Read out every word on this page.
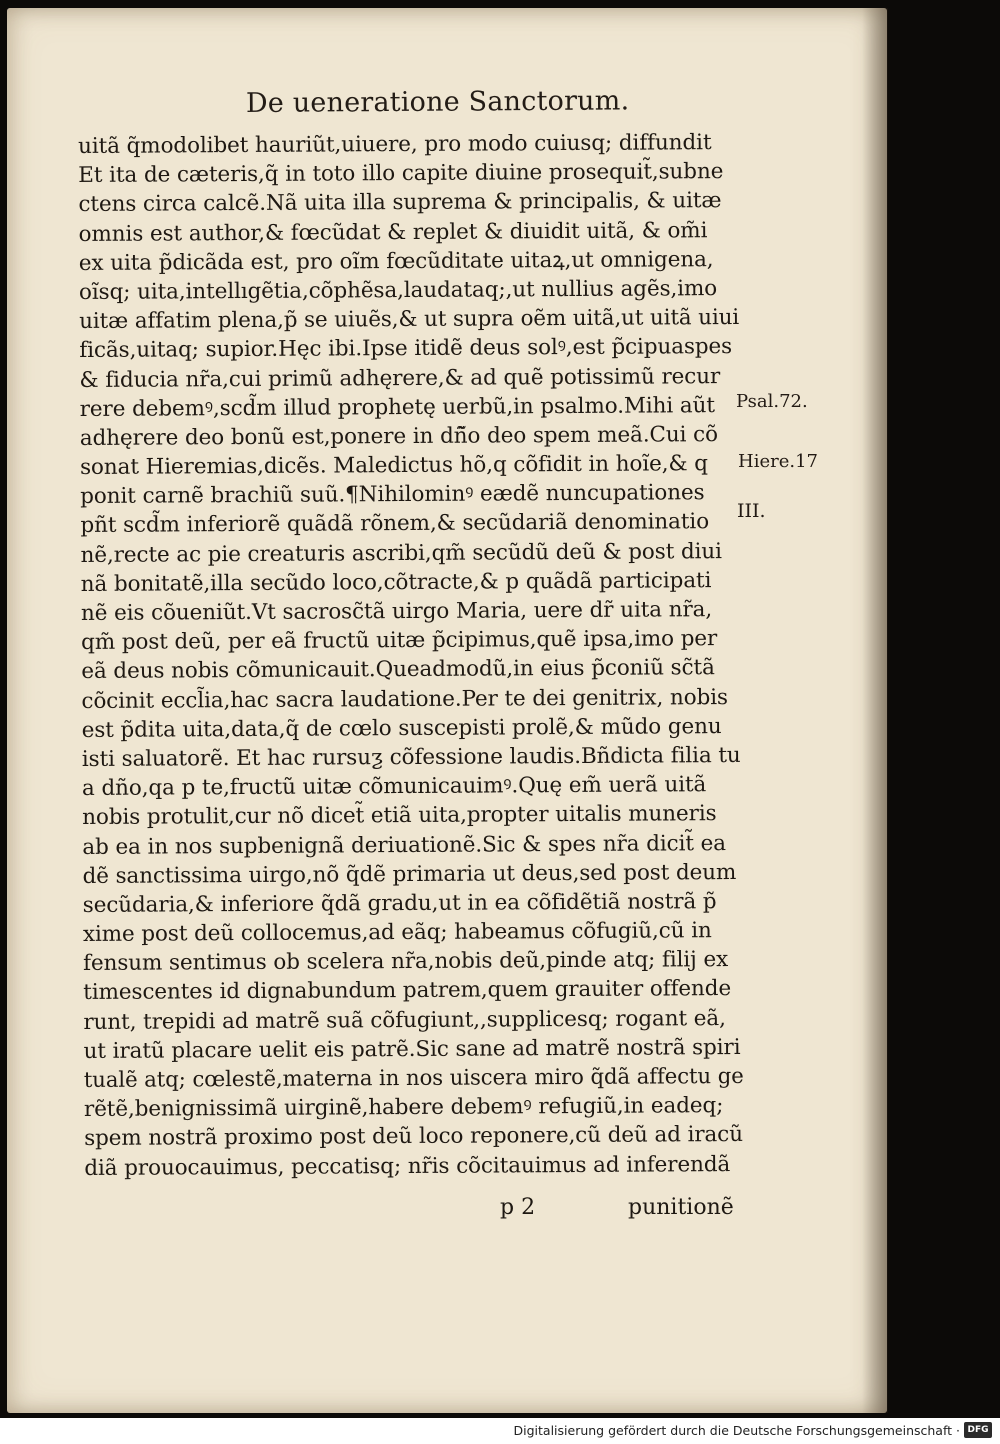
De ueneratione Sanctorum.
uitã q̃modolibet hauriũt,uiuere, pro modo cuiusq; diffundit
Et ita de cæteris,q̃ in toto illo capite diuine prosequit̃,subne
ctens circa calcẽ.Nã uita illa suprema & principalis, & uitæ
omnis est author,& fœcũdat & replet & diuidit uitã, & om̃i
ex uita p̃dicãda est, pro oĩm fœcũditate uitaꝝ,ut omnigena,
oĩsq; uita,intellıgẽtia,cõphẽsa,laudataq;,ut nullius agẽs,imo
uitæ affatim plena,p̃ se uiuẽs,& ut supra oẽm uitã,ut uitã uiui
ficãs,uitaq; supior.Hęc ibi.Ipse itidẽ deus solꝰ,est p̃cipuaspes
& fiducia nr̃a,cui primũ adhęrere,& ad quẽ potissimũ recur
rere debemꝰ,scd̃m illud prophetę uerbũ,in psalmo.Mihi aũt
adhęrere deo bonũ est,ponere in dñ̃o deo spem meã.Cui cõ
sonat Hieremias,dicẽs. Maledictus hõ,q cõfidit in hoĩe,& q
ponit carnẽ brachiũ suũ.¶Nihilominꝰ eædẽ nuncupationes
pñt scd̃m inferiorẽ quãdã rõnem,& secũdariã denominatio
nẽ,recte ac pie creaturis ascribi,qm̃ secũdũ deũ & post diui
nã bonitatẽ,illa secũdo loco,cõtracte,& p quãdã participati
nẽ eis cõueniũt.Vt sacrosc̃tã uirgo Maria, uere dr̃ uita nr̃a,
qm̃ post deũ, per eã fructũ uitæ p̃cipimus,quẽ ipsa,imo per
eã deus nobis cõmunicauit.Queadmodũ,in eius p̃coniũ sc̃tã
cõcinit eccl̃ia,hac sacra laudatione.Per te dei genitrix, nobis
est p̃dita uita,data,q̃ de cœlo suscepisti prolẽ,& mũdo genu
isti saluatorẽ. Et hac rursuƺ cõfessione laudis.Bñdicta filia tu
a dño,qa p te,fructũ uitæ cõmunicauimꝰ.Quę em̃ uerã uitã
nobis protulit,cur nõ dicet̃ etiã uita,propter uitalis muneris
ab ea in nos supbenignã deriuationẽ.Sic & spes nr̃a dicit̃ ea
dẽ sanctissima uirgo,nõ q̃dẽ primaria ut deus,sed post deum
secũdaria,& inferiore q̃dã gradu,ut in ea cõfidẽtiã nostrã p̃
xime post deũ collocemus,ad eãq; habeamus cõfugiũ,cũ in
fensum sentimus ob scelera nr̃a,nobis deũ,pinde atq; filij ex
timescentes id dignabundum patrem,quem grauiter offende
runt, trepidi ad matrẽ suã cõfugiunt,,supplicesq; rogant eã,
ut iratũ placare uelit eis patrẽ.Sic sane ad matrẽ nostrã spiri
tualẽ atq; cœlestẽ,materna in nos uiscera miro q̃dã affectu ge
rẽtẽ,benignissimã uirginẽ,habere debemꝰ refugiũ,in eadeq;
spem nostrã proximo post deũ loco reponere,cũ deũ ad iracũ
diã prouocauimus, peccatisq; nr̃is cõcitauimus ad inferendã
Psal.72.
Hiere.17
III.
p 2	punitionẽ
Digitalisierung gefördert durch die Deutsche Forschungsgemeinschaft · DFG
